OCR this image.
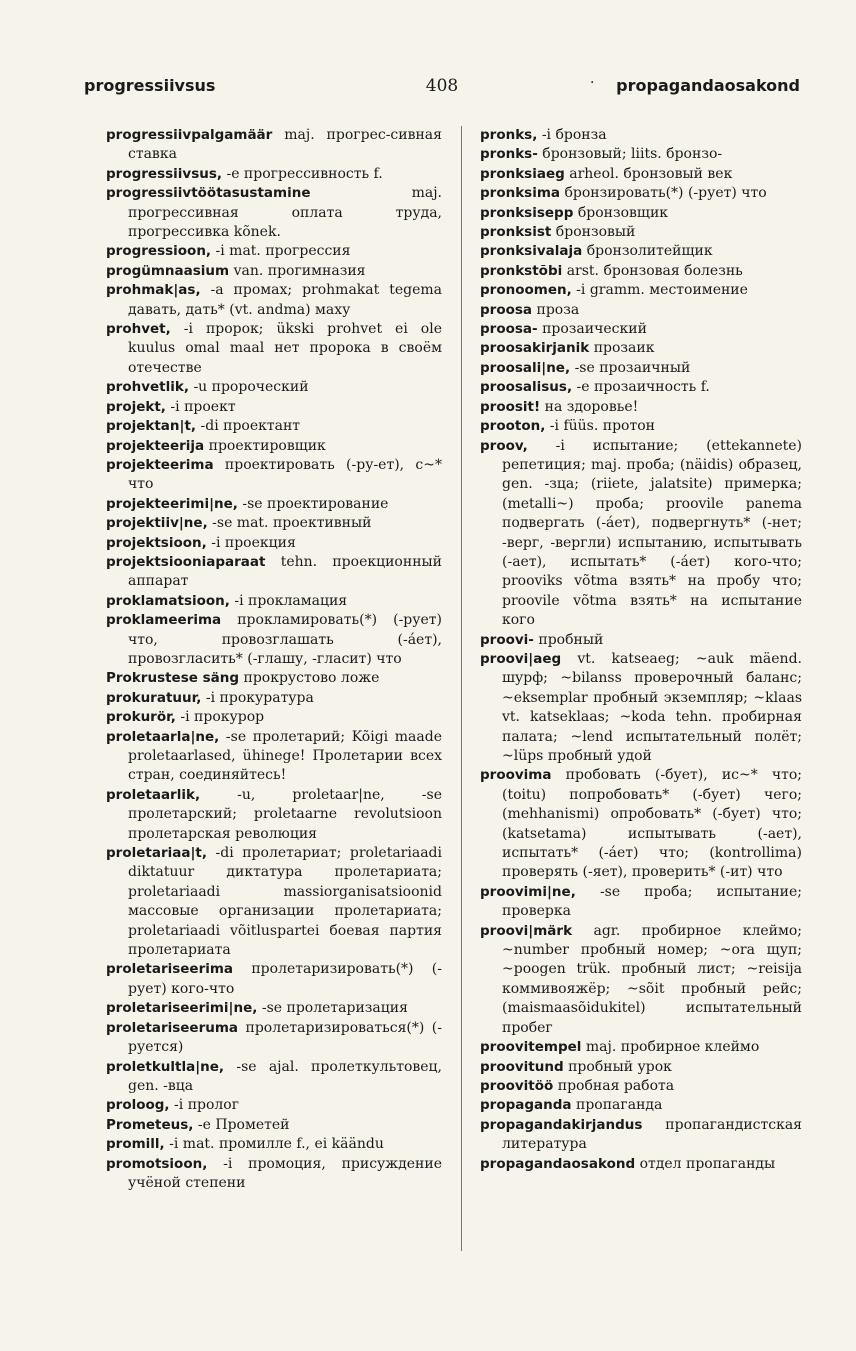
progressiivsus	408	· propagandaosakond
progressiivpalgamäär maj. прогрес-сивная ставка
progressiivsus, -e прогрессивность f.
progressiivtöötasustamine	maj. прогрессивная оплата труда, прогрессивка kõnek.
progressioon, -i mat. прогрессия
progümnaasium van. прогимназия
prohmak|as, -a промах; prohmakat tegema давать, дать* (vt. andma) маху
prohvet, -i пророк; ükski prohvet ei ole kuulus omal maal нет пророка в своём отечестве
prohvetlik, -u пророческий
projekt, -i проект
projektan|t, -di проектант
projekteerija проектировщик
projekteerima проектировать (-ру-ет), с~* что
projekteerimi|ne, -se проектирование
projektiiv|ne, -se mat. проективный
projektsioon, -i проекция
projektsiooniaparaat tehn. проекционный аппарат
proklamatsioon, -i прокламация
proklameerima прокламировать(*) (-рует) что, провозглашать (-áет), провозгласить* (-глашу, -гласит) что
Prokrustese säng прокрустово ложе
prokuratuur, -i прокуратура
prokurör, -i прокурор
proletaarla|ne, -se пролетарий; Kõigi maade proletaarlased, ühinege! Пролетарии всех стран, соединяйтесь!
proletaarlik,	-u, proletaar|ne, -se пролетарский; proletaarne revolutsioon пролетарская революция
proletariaa|t, -di пролетариат; proletariaadi diktatuur диктатура пролетариата; proletariaadi massiorganisatsioonid массовые организации пролетариата; proletariaadi võitluspartei боевая партия пролетариата
proletariseerima пролетаризировать(*) (-рует) кого-что
proletariseerimi|ne, -se пролетаризация
proletariseeruma пролетаризироваться(*) (-руется)
proletkultla|ne, -se ajal. пролеткультовец, gen. -вца
proloog, -i пролог
Prometeus, -e Прометей
promill, -i mat. промилле f., ei käändu
promotsioon, -i промоция, присуждение учёной степени
pronks, -i бронза
pronks- бронзовый; liits. бронзо-
pronksiaeg arheol. бронзовый век
pronksima бронзировать(*) (-рует) что
pronksisepp бронзовщик
pronksist бронзовый
pronksivalaja бронзолитейщик
pronkstõbi arst. бронзовая болезнь
pronoomen, -i gramm. местоимение
proosa проза
proosa- прозаический
proosakirjanik прозаик
proosali|ne, -se прозаичный
proosalisus, -e прозаичность f.
proosit! на здоровье!
prooton, -i füüs. протон
proov, -i испытание; (ettekannete) репетиция; maj. проба; (näidis) образец, gen. -зца; (riiete, jalatsite) примерка; (metalli~) проба; proovile panema подвергать (-áет), подвергнуть* (-нет; -верг, -вергли) испытанию, испытывать (-ает), испытать* (-áет) кого-что; prooviks võtma взять* на пробу что; proovile võtma взять* на испытание кого
proovi- пробный
proovi|aeg vt. katseaeg; ~auk mäend. шурф; ~bilanss проверочный баланс; ~eksemplar пробный экземпляр; ~klaas vt. katseklaas; ~koda tehn. пробирная палата; ~lend испытательный полёт; ~lüps пробный удой
proovima пробовать (-бует), ис~* что; (toitu) попробовать* (-бует) чего; (mehhanismi) опробовать* (-бует) что; (katsetama) испытывать (-ает), испытать* (-áет) что; (kontrollima) проверять (-яет), проверить* (-ит) что
proovimi|ne, -se проба; испытание; проверка
proovi|märk agr. пробирное клеймо; ~number пробный номер; ~ora щуп; ~poogen trük. пробный лист; ~reisija коммивояжёр; ~sõit пробный рейс; (maismaasõidukitel) испытательный пробег
proovitempel maj. пробирное клеймо
proovitund пробный урок
proovitöö пробная работа
propaganda пропаганда
propagandakirjandus пропагандистская литература
propagandaosakond отдел пропаганды
